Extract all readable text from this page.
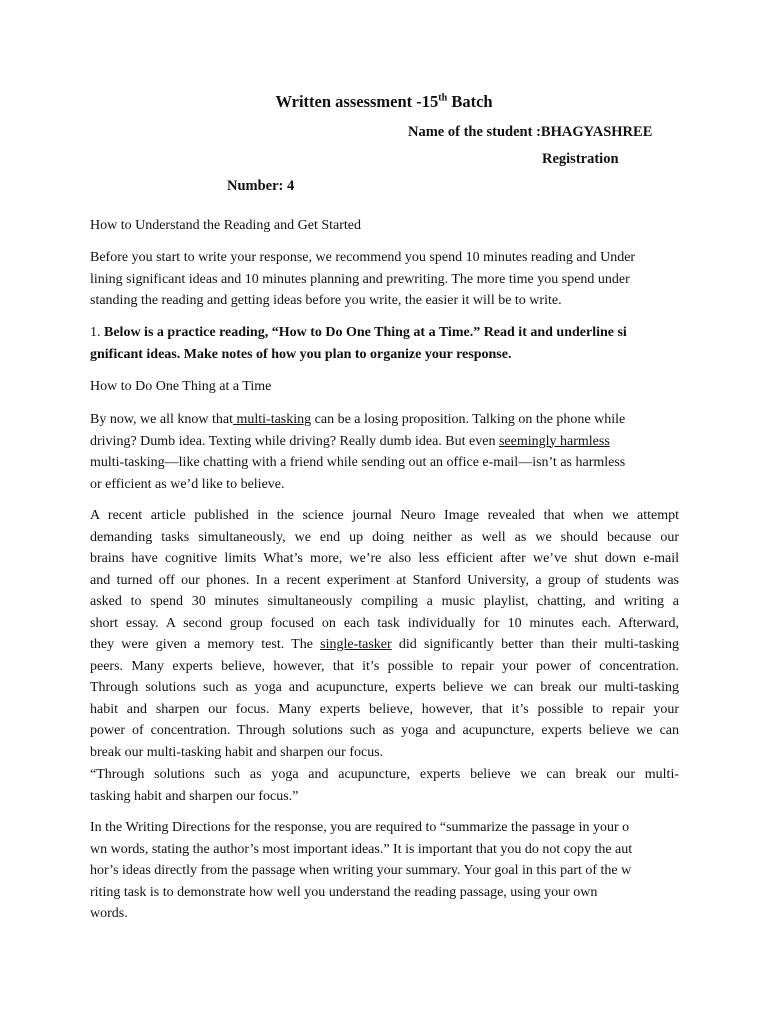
Written assessment -15th Batch
Name of the student :BHAGYASHREE
Registration
Number: 4
How to Understand the Reading and Get Started
Before you start to write your response, we recommend you spend 10 minutes reading and Under
lining significant ideas and 10 minutes planning and prewriting. The more time you spend under
standing the reading and getting ideas before you write, the easier it will be to write.
1. Below is a practice reading, “How to Do One Thing at a Time.” Read it and underline si
gnificant ideas. Make notes of how you plan to organize your response.
How to Do One Thing at a Time
By now, we all know that multi-tasking can be a losing proposition. Talking on the phone while
driving? Dumb idea. Texting while driving? Really dumb idea. But even seemingly harmless
multi-tasking—like chatting with a friend while sending out an office e-mail—isn’t as harmless
or efficient as we’d like to believe.
A recent article published in the science journal Neuro Image revealed that when we attempt
demanding tasks simultaneously, we end up doing neither as well as we should because our
brains have cognitive limits What’s more, we’re also less efficient after we’ve shut down e-mail
and turned off our phones. In a recent experiment at Stanford University, a group of students was
asked to spend 30 minutes simultaneously compiling a music playlist, chatting, and writing a
short essay. A second group focused on each task individually for 10 minutes each. Afterward,
they were given a memory test. The single-tasker did significantly better than their multi-tasking
peers. Many experts believe, however, that it’s possible to repair your power of concentration.
Through solutions such as yoga and acupuncture, experts believe we can break our multi-tasking
habit and sharpen our focus. Many experts believe, however, that it’s possible to repair your
power of concentration. Through solutions such as yoga and acupuncture, experts believe we can
break our multi-tasking habit and sharpen our focus.
“Through solutions such as yoga and acupuncture, experts believe we can break our multi-
tasking habit and sharpen our focus.”
In the Writing Directions for the response, you are required to “summarize the passage in your o
wn words, stating the author’s most important ideas.” It is important that you do not copy the aut
hor’s ideas directly from the passage when writing your summary. Your goal in this part of the w
riting task is to demonstrate how well you understand the reading passage, using your own
words.
